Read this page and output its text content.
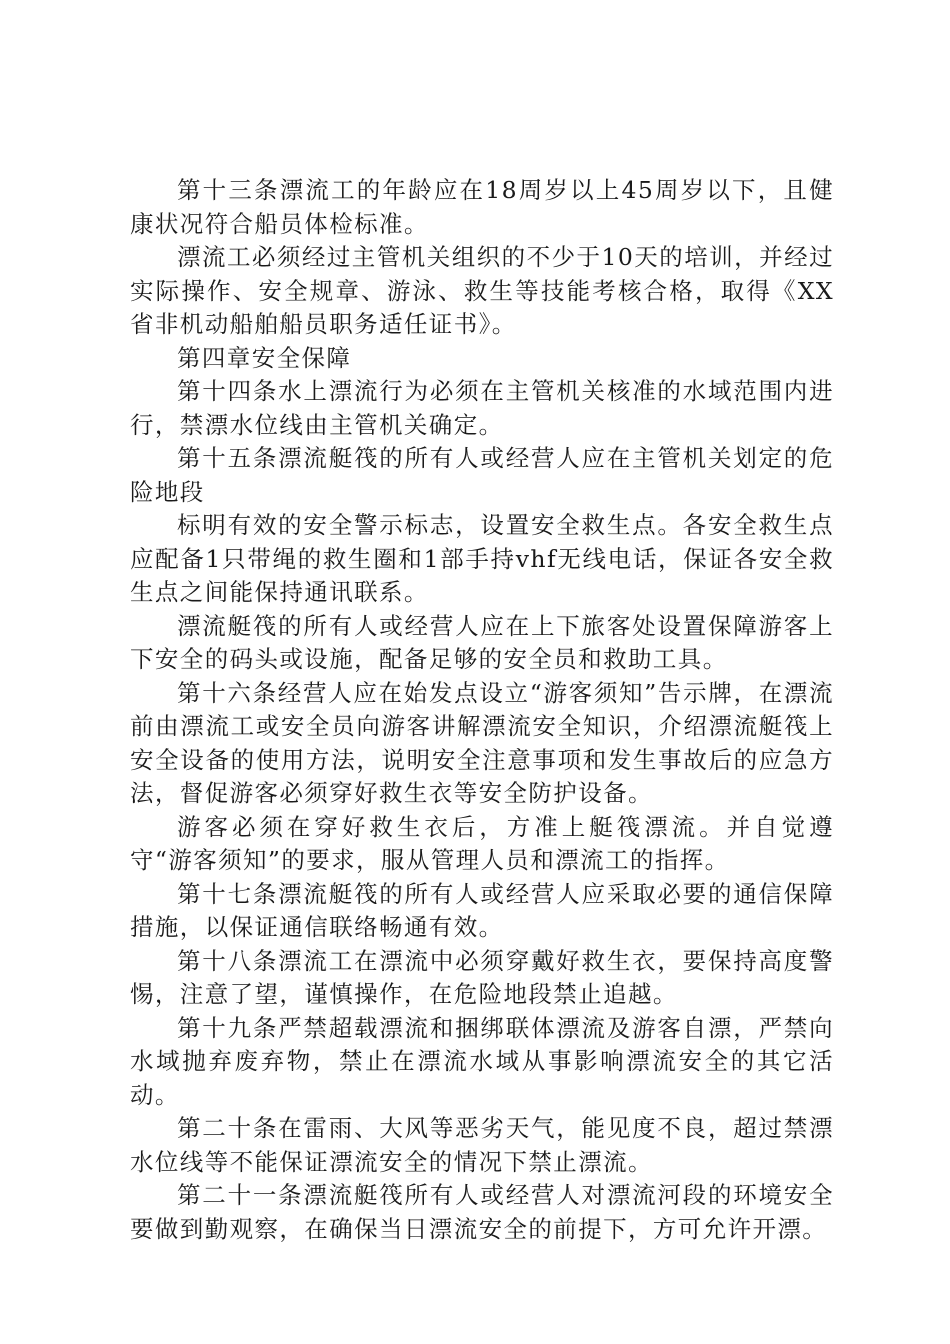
第十三条漂流工的年龄应在18周岁以上45周岁以下，且健康状况符合船员体检标准。

漂流工必须经过主管机关组织的不少于10天的培训，并经过实际操作、安全规章、游泳、救生等技能考核合格，取得《XX省非机动船舶船员职务适任证书》。

第四章安全保障

第十四条水上漂流行为必须在主管机关核准的水域范围内进行，禁漂水位线由主管机关确定。

第十五条漂流艇筏的所有人或经营人应在主管机关划定的危险地段

标明有效的安全警示标志，设置安全救生点。各安全救生点应配备1只带绳的救生圈和1部手持vhf无线电话，保证各安全救生点之间能保持通讯联系。

漂流艇筏的所有人或经营人应在上下旅客处设置保障游客上下安全的码头或设施，配备足够的安全员和救助工具。

第十六条经营人应在始发点设立“游客须知”告示牌，在漂流前由漂流工或安全员向游客讲解漂流安全知识，介绍漂流艇筏上安全设备的使用方法，说明安全注意事项和发生事故后的应急方法，督促游客必须穿好救生衣等安全防护设备。

游客必须在穿好救生衣后，方准上艇筏漂流。并自觉遵守“游客须知”的要求，服从管理人员和漂流工的指挥。

第十七条漂流艇筏的所有人或经营人应采取必要的通信保障措施，以保证通信联络畅通有效。

第十八条漂流工在漂流中必须穿戴好救生衣，要保持高度警惕，注意了望，谨慎操作，在危险地段禁止追越。

第十九条严禁超载漂流和捆绑联体漂流及游客自漂，严禁向水域抛弃废弃物，禁止在漂流水域从事影响漂流安全的其它活动。

第二十条在雷雨、大风等恶劣天气，能见度不良，超过禁漂水位线等不能保证漂流安全的情况下禁止漂流。

第二十一条漂流艇筏所有人或经营人对漂流河段的环境安全要做到勤观察，在确保当日漂流安全的前提下，方可允许开漂。
